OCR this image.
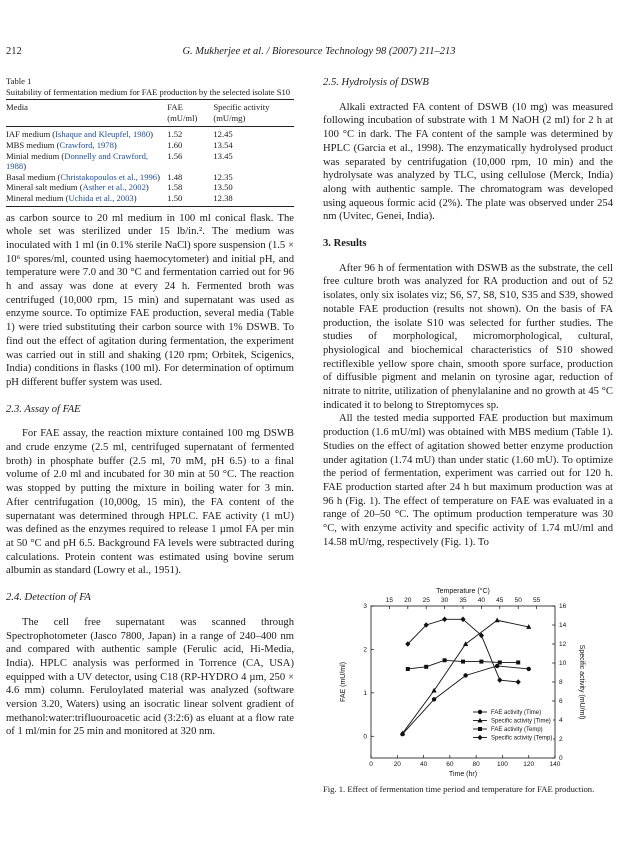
212	G. Mukherjee et al. / Bioresource Technology 98 (2007) 211–213
Table 1
Suitability of fermentation medium for FAE production by the selected isolate S10
Media	FAE (mU/ml)	Specific activity (mU/mg)
IAF medium (Ishaque and Kleupfel, 1980)	1.52	12.45
MBS medium (Crawford, 1978)	1.60	13.54
Minial medium (Donnelly and Crawford, 1988)	1.56	13.45
Basal medium (Christakopoulos et al., 1996)	1.48	12.35
Mineral salt medium (Asther et al., 2002)	1.58	13.50
Mineral medium (Uchida et al., 2003)	1.50	12.38

as carbon source to 20 ml medium in 100 ml conical flask. The whole set was sterilized under 15 lb/in.². The medium was inoculated with 1 ml (in 0.1% sterile NaCl) spore suspension (1.5 × 10⁶ spores/ml, counted using haemocytometer) and initial pH, and temperature were 7.0 and 30 °C and fermentation carried out for 96 h and assay was done at every 24 h. Fermented broth was centrifuged (10,000 rpm, 15 min) and supernatant was used as enzyme source. To optimize FAE production, several media (Table 1) were tried substituting their carbon source with 1% DSWB. To find out the effect of agitation during fermentation, the experiment was carried out in still and shaking (120 rpm; Orbitek, Scigenics, India) conditions in flasks (100 ml). For determination of optimum pH different buffer system was used.

2.3. Assay of FAE

For FAE assay, the reaction mixture contained 100 mg DSWB and crude enzyme (2.5 ml, centrifuged supernatant of fermented broth) in phosphate buffer (2.5 ml, 70 mM, pH 6.5) to a final volume of 2.0 ml and incubated for 30 min at 50 °C. The reaction was stopped by putting the mixture in boiling water for 3 min. After centrifugation (10,000g, 15 min), the FA content of the supernatant was determined through HPLC. FAE activity (1 mU) was defined as the enzymes required to release 1 µmol FA per min at 50 °C and pH 6.5. Background FA levels were subtracted during calculations. Protein content was estimated using bovine serum albumin as standard (Lowry et al., 1951).

2.4. Detection of FA

The cell free supernatant was scanned through Spectrophotometer (Jasco 7800, Japan) in a range of 240–400 nm and compared with authentic sample (Ferulic acid, Hi-Media, India). HPLC analysis was performed in Torrence (CA, USA) equipped with a UV detector, using C18 (RP-HYDRO 4 µm, 250 × 4.6 mm) column. Feruloylated material was analyzed (software version 3.20, Waters) using an isocratic linear solvent gradient of methanol:water:trifluouroacetic acid (3:2:6) as eluant at a flow rate of 1 ml/min for 25 min and monitored at 320 nm.

2.5. Hydrolysis of DSWB

Alkali extracted FA content of DSWB (10 mg) was measured following incubation of substrate with 1 M NaOH (2 ml) for 2 h at 100 °C in dark. The FA content of the sample was determined by HPLC (Garcia et al., 1998). The enzymatically hydrolysed product was separated by centrifugation (10,000 rpm, 10 min) and the hydrolysate was analyzed by TLC, using cellulose (Merck, India) along with authentic sample. The chromatogram was developed using aqueous formic acid (2%). The plate was observed under 254 nm (Uvitec, Genei, India).

3. Results

After 96 h of fermentation with DSWB as the substrate, the cell free culture broth was analyzed for RA production and out of 52 isolates, only six isolates viz; S6, S7, S8, S10, S35 and S39, showed notable FAE production (results not shown). On the basis of FA production, the isolate S10 was selected for further studies. The studies of morphological, micromorphological, cultural, physiological and biochemical characteristics of S10 showed rectiflexible yellow spore chain, smooth spore surface, production of diffusible pigment and melanin on tyrosine agar, reduction of nitrate to nitrite, utilization of phenylalanine and no growth at 45 °C indicated it to belong to Streptomyces sp.

All the tested media supported FAE production but maximum production (1.6 mU/ml) was obtained with MBS medium (Table 1). Studies on the effect of agitation showed better enzyme production under agitation (1.74 mU) than under static (1.60 mU). To optimize the period of fermentation, experiment was carried out for 120 h. FAE production started after 24 h but maximum production was at 96 h (Fig. 1). The effect of temperature on FAE was evaluated in a range of 20–50 °C. The optimum production temperature was 30 °C, with enzyme activity and specific activity of 1.74 mU/ml and 14.58 mU/mg, respectively (Fig. 1). To

0	20	40	60	80	100 120 140
15 20 25 30 35 40 45 50 55
0
1
2
3
0
2
4
6
8
10
12
14
16
Time (hr)
Temperature (°C)
FAE (mU/ml)	Specific activity (mU/ml)
FAE activity (Time)
Specific activity (Time)
FAE activity (Temp)
Specific activity (Temp)
Fig. 1. Effect of fermentation time period and temperature for FAE production.
